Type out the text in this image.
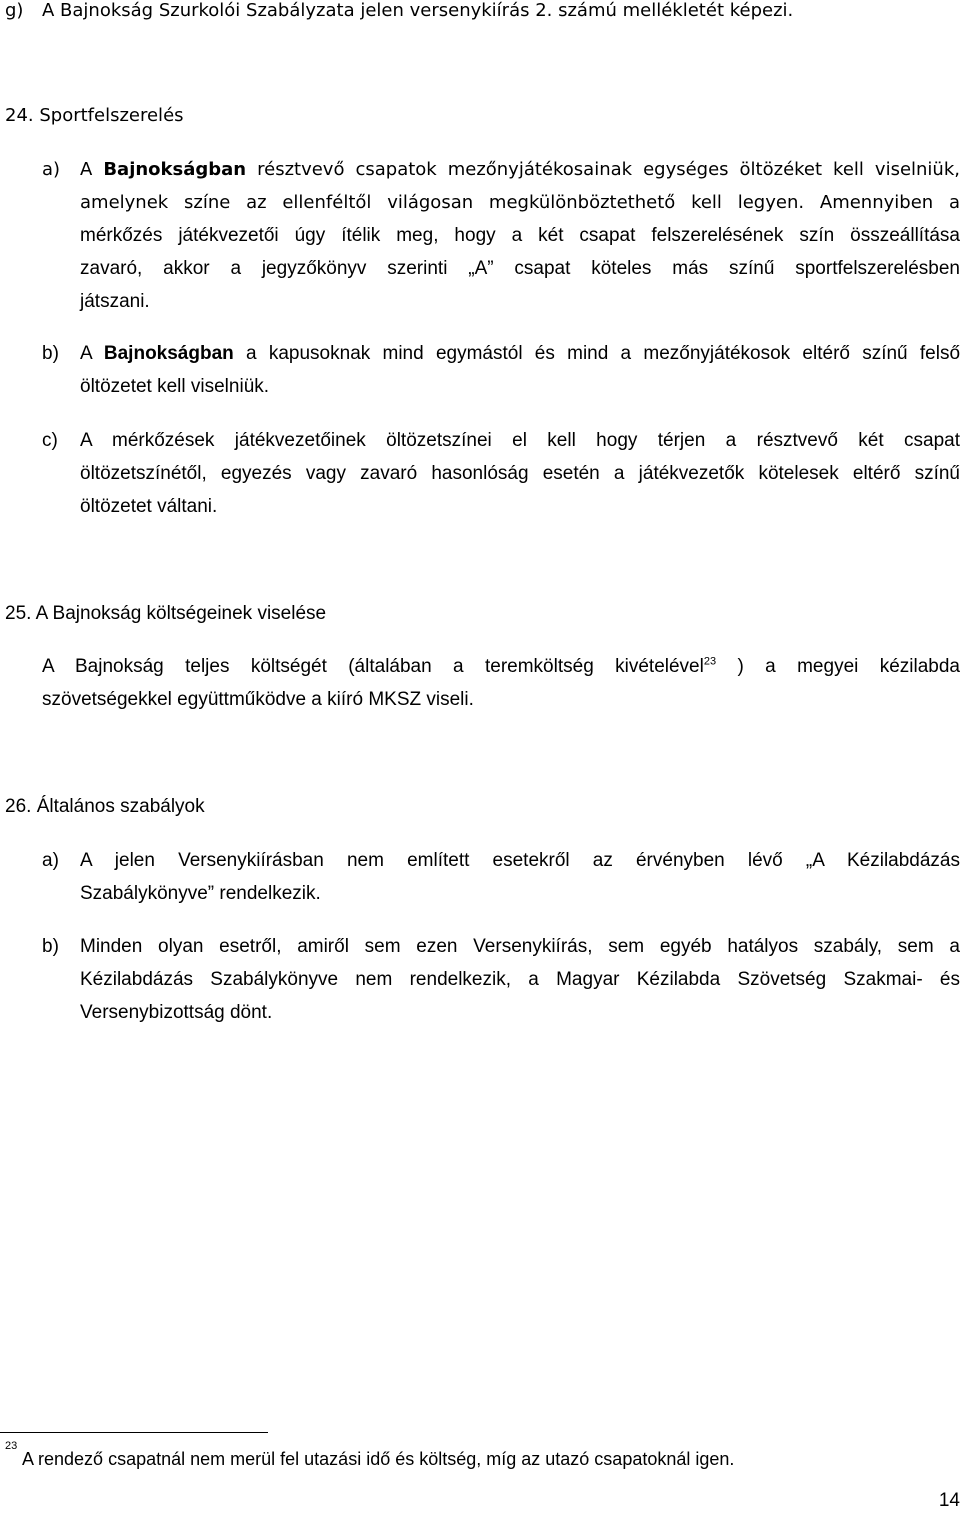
g) A Bajnokság Szurkolói Szabályzata jelen versenykiírás 2. számú mellékletét képezi.
24. Sportfelszerelés
a) A Bajnokságban résztvevő csapatok mezőnyjátékosainak egységes öltözéket kell viselniük,
amelynek színe az ellenféltől világosan megkülönböztethető kell legyen. Amennyiben a
mérkőzés játékvezetői úgy ítélik meg, hogy a két csapat felszerelésének szín összeállítása
zavaró, akkor a jegyzőkönyv szerinti „A” csapat köteles más színű sportfelszerelésben
játszani.
b) A Bajnokságban a kapusoknak mind egymástól és mind a mezőnyjátékosok eltérő színű felső
öltözetet kell viselniük.
c) A mérkőzések játékvezetőinek öltözetszínei el kell hogy térjen a résztvevő két csapat
öltözetszínétől, egyezés vagy zavaró hasonlóság esetén a játékvezetők kötelesek eltérő színű
öltözetet váltani.
25. A Bajnokság költségeinek viselése
A Bajnokság teljes költségét (általában a teremköltség kivételével$^{23}$ ) a megyei kézilabda
szövetségekkel együttműködve a kiíró MKSZ viseli.
26. Általános szabályok
a) A jelen Versenykiírásban nem említett esetekről az érvényben lévő „A Kézilabdázás
Szabálykönyve” rendelkezik.
b) Minden olyan esetről, amiről sem ezen Versenykiírás, sem egyéb hatályos szabály, sem a
Kézilabdázás Szabálykönyve nem rendelkezik, a Magyar Kézilabda Szövetség Szakmai- és
Versenybizottság dönt.
23
A rendező csapatnál nem merül fel utazási idő és költség, míg az utazó csapatoknál igen.
14
